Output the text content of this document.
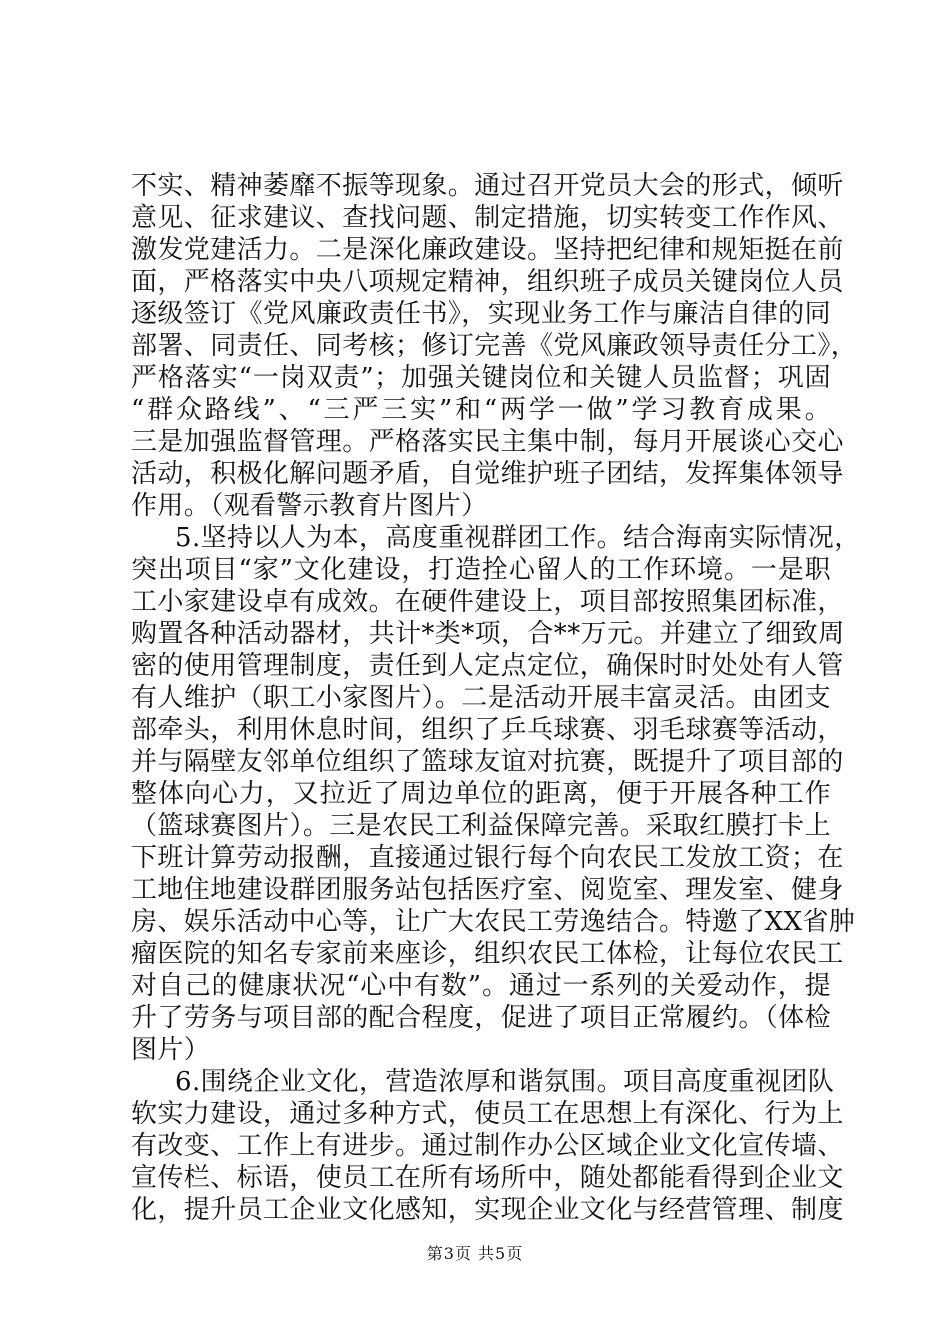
不实、精神萎靡不振等现象。通过召开党员大会的形式，倾听
意见、征求建议、查找问题、制定措施，切实转变工作作风、
激发党建活力。二是深化廉政建设。坚持把纪律和规矩挺在前
面，严格落实中央八项规定精神，组织班子成员关键岗位人员
逐级签订《党风廉政责任书》，实现业务工作与廉洁自律的同
部署、同责任、同考核；修订完善《党风廉政领导责任分工》，
严格落实“一岗双责”；加强关键岗位和关键人员监督；巩固
“群众路线”、“三严三实”和“两学一做”学习教育成果。
三是加强监督管理。严格落实民主集中制，每月开展谈心交心
活动，积极化解问题矛盾，自觉维护班子团结，发挥集体领导
作用。（观看警示教育片图片）
5.坚持以人为本，高度重视群团工作。结合海南实际情况，
突出项目“家”文化建设，打造拴心留人的工作环境。一是职
工小家建设卓有成效。在硬件建设上，项目部按照集团标准，
购置各种活动器材，共计*类*项，合**万元。并建立了细致周
密的使用管理制度，责任到人定点定位，确保时时处处有人管
有人维护（职工小家图片）。二是活动开展丰富灵活。由团支
部牵头，利用休息时间，组织了乒乓球赛、羽毛球赛等活动，
并与隔壁友邻单位组织了篮球友谊对抗赛，既提升了项目部的
整体向心力，又拉近了周边单位的距离，便于开展各种工作
（篮球赛图片）。三是农民工利益保障完善。采取红膜打卡上
下班计算劳动报酬，直接通过银行每个向农民工发放工资；在
工地住地建设群团服务站包括医疗室、阅览室、理发室、健身
房、娱乐活动中心等，让广大农民工劳逸结合。特邀了XX省肿
瘤医院的知名专家前来座诊，组织农民工体检，让每位农民工
对自己的健康状况“心中有数”。通过一系列的关爱动作，提
升了劳务与项目部的配合程度，促进了项目正常履约。（体检
图片）
6.围绕企业文化，营造浓厚和谐氛围。项目高度重视团队
软实力建设，通过多种方式，使员工在思想上有深化、行为上
有改变、工作上有进步。通过制作办公区域企业文化宣传墙、
宣传栏、标语，使员工在所有场所中，随处都能看得到企业文
化，提升员工企业文化感知，实现企业文化与经营管理、制度
第3页 共5页
